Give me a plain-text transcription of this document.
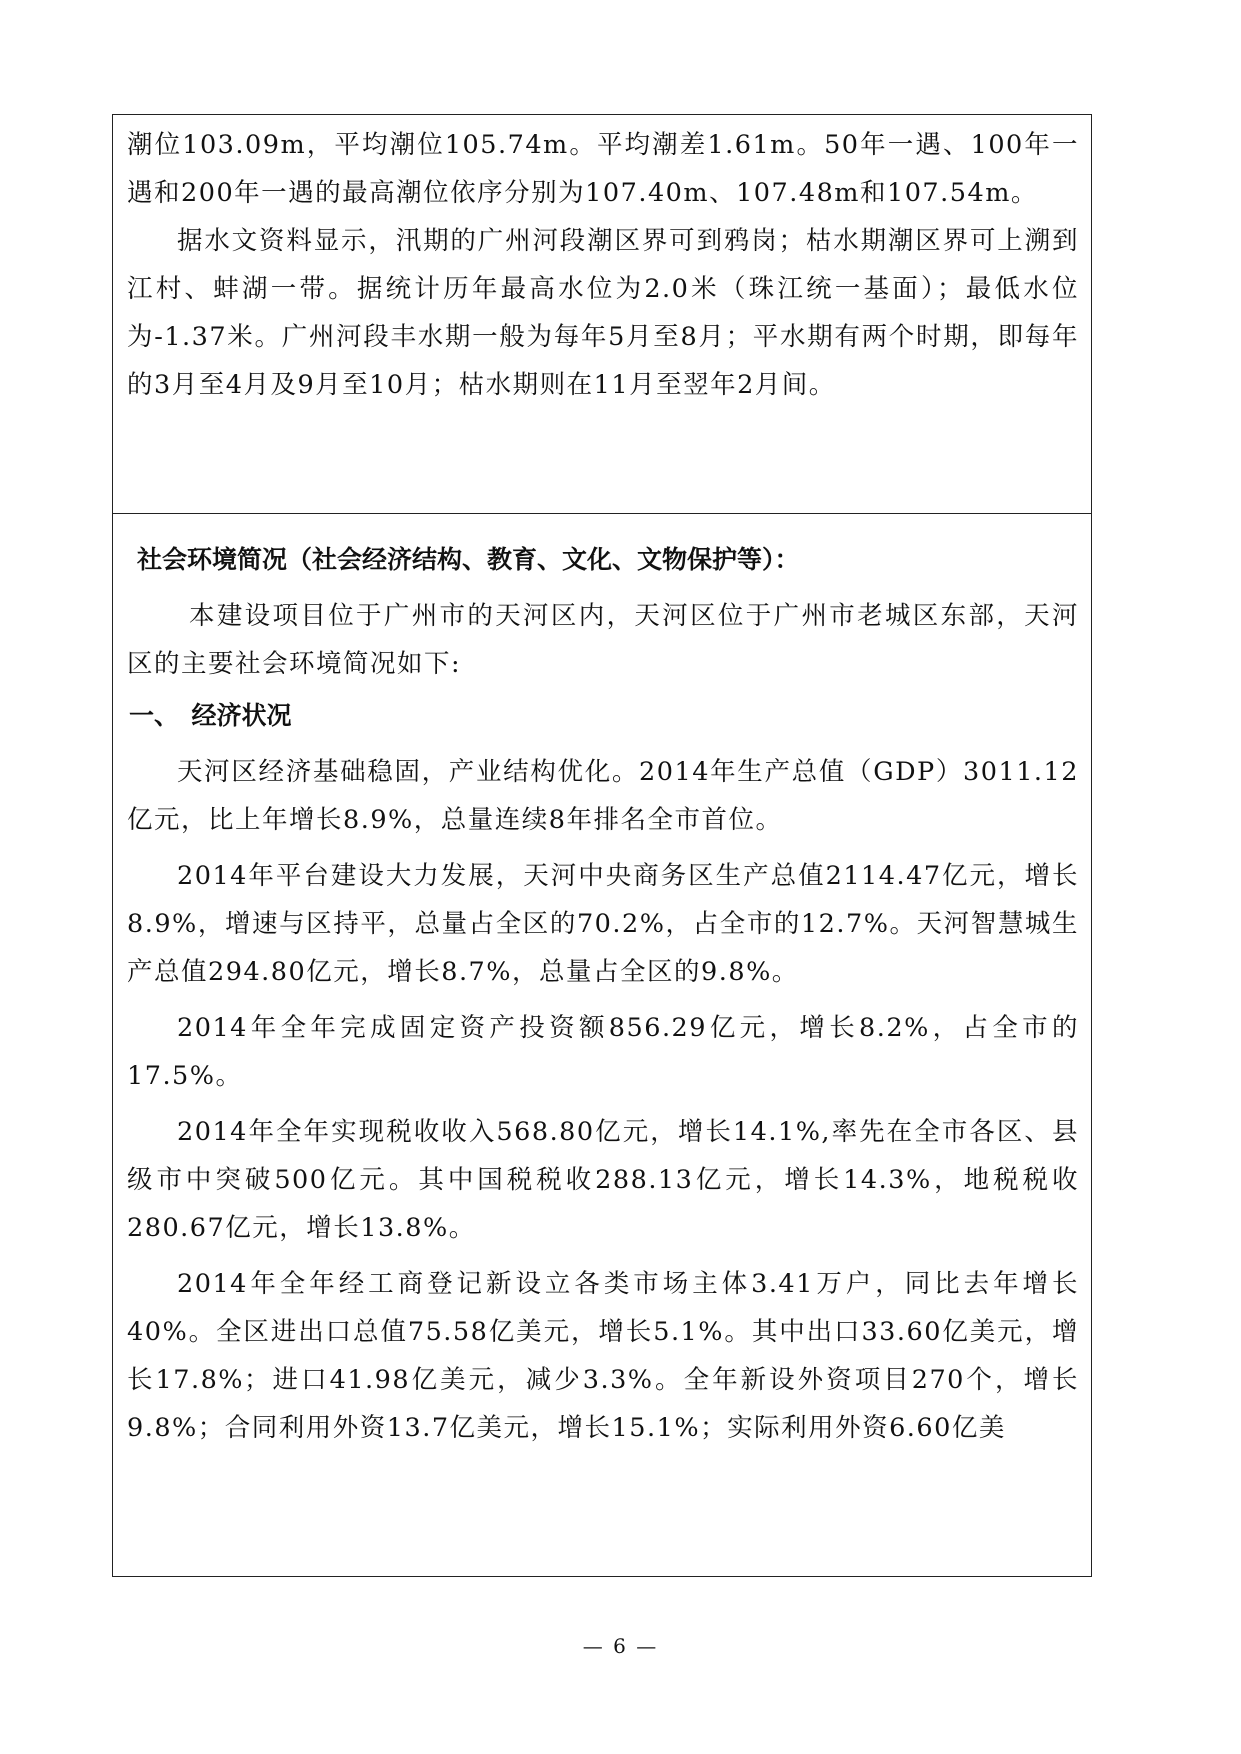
潮位103.09m，平均潮位105.74m。平均潮差1.61m。50年一遇、100年一遇和200年一遇的最高潮位依序分别为107.40m、107.48m和107.54m。

据水文资料显示，汛期的广州河段潮区界可到鸦岗；枯水期潮区界可上溯到江村、蚌湖一带。据统计历年最高水位为2.0米（珠江统一基面）；最低水位为-1.37米。广州河段丰水期一般为每年5月至8月；平水期有两个时期，即每年的3月至4月及9月至10月；枯水期则在11月至翌年2月间。

社会环境简况（社会经济结构、教育、文化、文物保护等）：

本建设项目位于广州市的天河区内，天河区位于广州市老城区东部，天河区的主要社会环境简况如下:

一、　经济状况

天河区经济基础稳固，产业结构优化。2014年生产总值（GDP）3011.12亿元，比上年增长8.9%，总量连续8年排名全市首位。

2014年平台建设大力发展，天河中央商务区生产总值2114.47亿元，增长8.9%，增速与区持平，总量占全区的70.2%，占全市的12.7%。天河智慧城生产总值294.80亿元，增长8.7%，总量占全区的9.8%。

2014年全年完成固定资产投资额856.29亿元，增长8.2%，占全市的17.5%。

2014年全年实现税收收入568.80亿元，增长14.1%,率先在全市各区、县级市中突破500亿元。其中国税税收288.13亿元，增长14.3%，地税税收280.67亿元，增长13.8%。

2014年全年经工商登记新设立各类市场主体3.41万户，同比去年增长40%。全区进出口总值75.58亿美元，增长5.1%。其中出口33.60亿美元，增长17.8%；进口41.98亿美元，减少3.3%。全年新设外资项目270个，增长9.8%；合同利用外资13.7亿美元，增长15.1%；实际利用外资6.60亿美

— 6 —
